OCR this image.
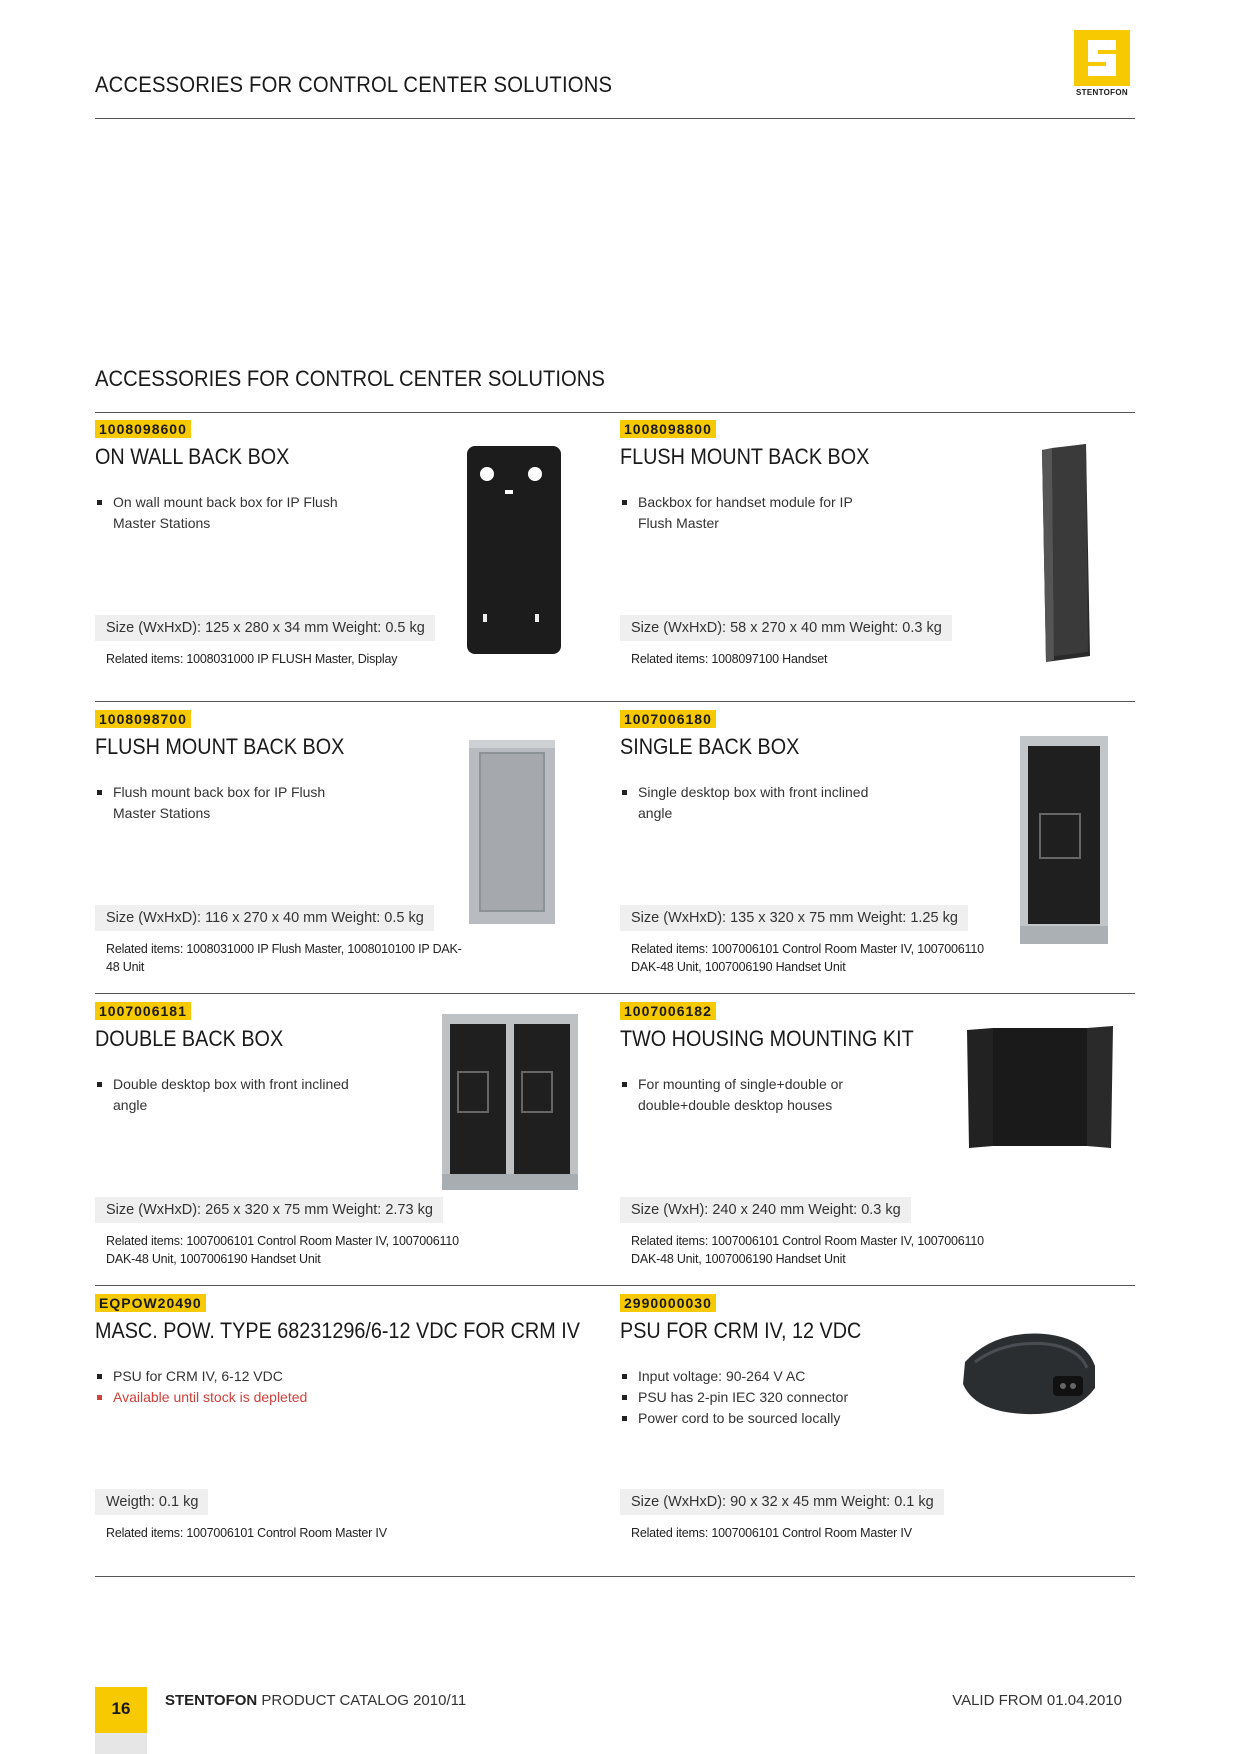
ACCESSORIES FOR CONTROL CENTER SOLUTIONS	STENTOFON
ACCESSORIES FOR CONTROL CENTER SOLUTIONS
1008098600
ON WALL BACK BOX
On wall mount back box for IP Flush Master Stations
Size (WxHxD): 125 x 280 x 34 mm Weight: 0.5 kg
Related items: 1008031000 IP FLUSH Master, Display
1008098800
FLUSH MOUNT BACK BOX
Backbox for handset module for IP Flush Master
Size (WxHxD): 58 x 270 x 40 mm Weight: 0.3 kg
Related items: 1008097100 Handset
1008098700
FLUSH MOUNT BACK BOX
Flush mount back box for IP Flush Master Stations
Size (WxHxD): 116 x 270 x 40 mm Weight: 0.5 kg
Related items: 1008031000 IP Flush Master, 1008010100 IP DAK-48 Unit
1007006180
SINGLE BACK BOX
Single desktop box with front inclined angle
Size (WxHxD): 135 x 320 x 75 mm Weight: 1.25 kg
Related items: 1007006101 Control Room Master IV, 1007006110 DAK-48 Unit, 1007006190 Handset Unit
1007006181
DOUBLE BACK BOX
Double desktop box with front inclined angle
Size (WxHxD): 265 x 320 x 75 mm Weight: 2.73 kg
Related items: 1007006101 Control Room Master IV, 1007006110 DAK-48 Unit, 1007006190 Handset Unit
1007006182
TWO HOUSING MOUNTING KIT
For mounting of single+double or double+double desktop houses
Size (WxH): 240 x 240 mm Weight: 0.3 kg
Related items: 1007006101 Control Room Master IV, 1007006110 DAK-48 Unit, 1007006190 Handset Unit
EQPOW20490
MASC. POW. TYPE 68231296/6-12 VDC FOR CRM IV
PSU for CRM IV, 6-12 VDC
Available until stock is depleted
Weigth: 0.1 kg
Related items: 1007006101 Control Room Master IV
2990000030
PSU FOR CRM IV, 12 VDC
Input voltage: 90-264 V AC
PSU has 2-pin IEC 320 connector
Power cord to be sourced locally
Size (WxHxD): 90 x 32 x 45 mm Weight: 0.1 kg
Related items: 1007006101 Control Room Master IV
16	STENTOFON PRODUCT CATALOG 2010/11	VALID FROM 01.04.2010
